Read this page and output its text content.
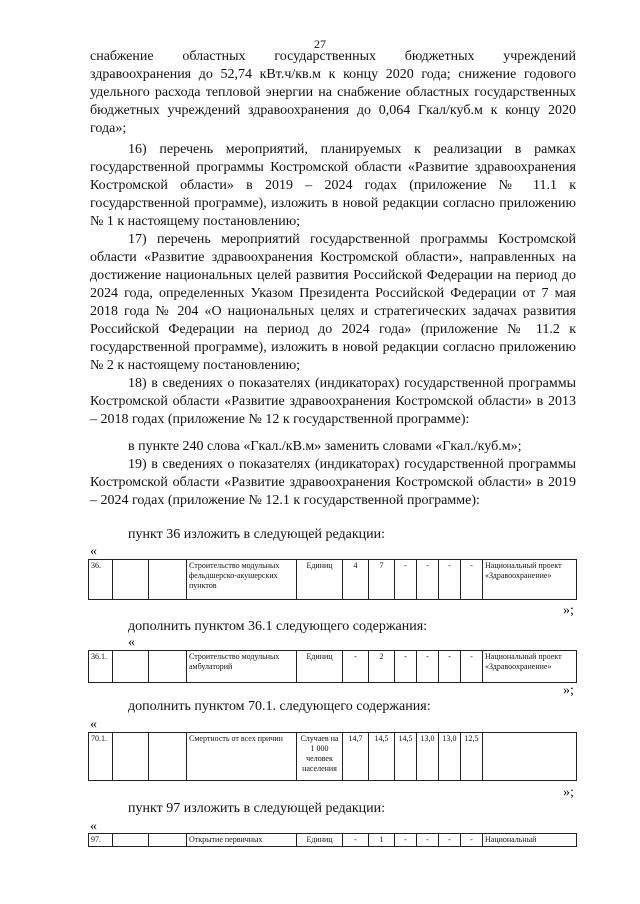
27

снабжение областных государственных бюджетных учреждений здравоохранения до 52,74 кВт.ч/кв.м к концу 2020 года; снижение годового удельного расхода тепловой энергии на снабжение областных государственных бюджетных учреждений здравоохранения до 0,064 Гкал/куб.м к концу 2020 года»;

16) перечень мероприятий, планируемых к реализации в рамках государственной программы Костромской области «Развитие здравоохранения Костромской области» в 2019 – 2024 годах (приложение № 11.1 к государственной программе), изложить в новой редакции согласно приложению № 1 к настоящему постановлению;

17) перечень мероприятий государственной программы Костромской области «Развитие здравоохранения Костромской области», направленных на достижение национальных целей развития Российской Федерации на период до 2024 года, определенных Указом Президента Российской Федерации от 7 мая 2018 года № 204 «О национальных целях и стратегических задачах развития Российской Федерации на период до 2024 года» (приложение № 11.2 к государственной программе), изложить в новой редакции согласно приложению № 2 к настоящему постановлению;

18) в сведениях о показателях (индикаторах) государственной программы Костромской области «Развитие здравоохранения Костромской области» в 2013 – 2018 годах (приложение № 12 к государственной программе):

в пункте 240 слова «Гкал./кВ.м» заменить словами «Гкал./куб.м»;

19) в сведениях о показателях (индикаторах) государственной программы Костромской области «Развитие здравоохранения Костромской области» в 2019 – 2024 годах (приложение № 12.1 к государственной программе):

пункт 36 изложить в следующей редакции:

«
36.			Строительство модульных фельдшерско-акушерских пунктов	Единиц	4	7	-	-	-	-	Национальный проект «Здравоохранение»
»;

дополнить пунктом 36.1 следующего содержания:

«
36.1.			Строительство модульных амбулаторий	Единиц	-	2	-	-	-	-	Национальный проект «Здравоохранение»
»;

дополнить пунктом 70.1. следующего содержания:

«
70.1.			Смертность от всех причин	Случаев на 1 000 человек населения	14,7	14,5	14,5	13,0	13,0	12,5	
»;

пункт 97 изложить в следующей редакции:

«
97.			Открытие первичных	Единиц	-	1	-	-	-	-	Национальный
